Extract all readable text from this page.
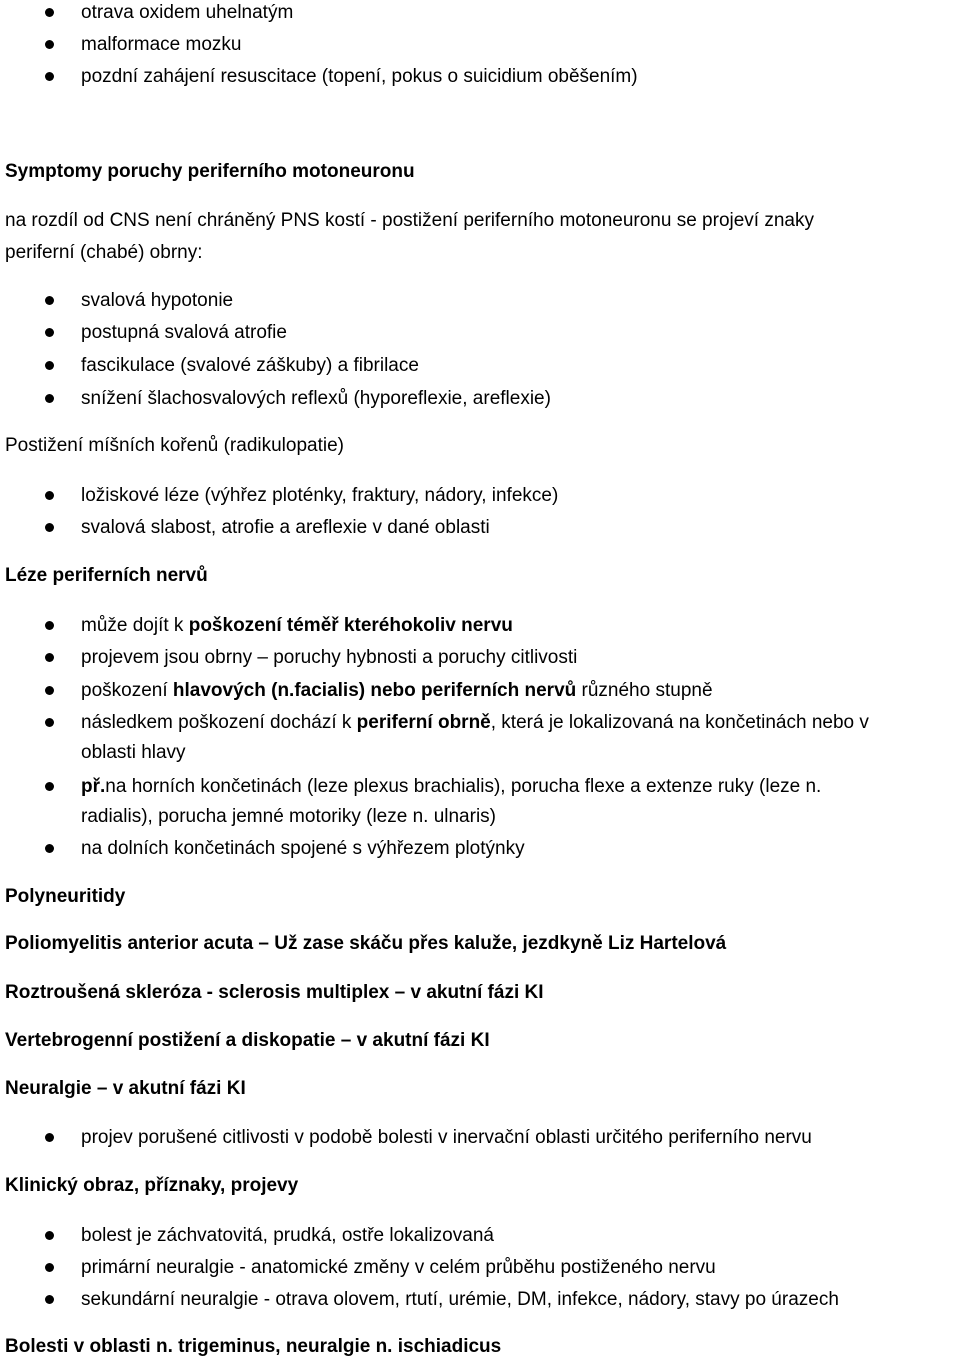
otrava oxidem uhelnatým
malformace mozku
pozdní zahájení resuscitace (topení, pokus o suicidium oběšením)
Symptomy poruchy periferního motoneuronu
na rozdíl od CNS není chráněný PNS kostí - postižení periferního motoneuronu se projeví znaky
periferní (chabé) obrny:
svalová hypotonie
postupná svalová atrofie
fascikulace (svalové záškuby) a fibrilace
snížení šlachosvalových reflexů (hyporeflexie, areflexie)
Postižení míšních kořenů (radikulopatie)
ložiskové léze (výhřez ploténky, fraktury, nádory, infekce)
svalová slabost, atrofie a areflexie v dané oblasti
Léze periferních nervů
může dojít k poškození téměř kteréhokoliv nervu
projevem jsou obrny – poruchy hybnosti a poruchy citlivosti
poškození hlavových (n.facialis) nebo periferních nervů různého stupně
následkem poškození dochází k periferní obrně, která je lokalizovaná na končetinách nebo v
oblasti hlavy
př.na horních končetinách (leze plexus brachialis), porucha flexe a extenze ruky (leze n.
radialis), porucha jemné motoriky (leze n. ulnaris)
na dolních končetinách spojené s výhřezem plotýnky
Polyneuritidy
Poliomyelitis anterior acuta – Už zase skáču přes kaluže, jezdkyně Liz Hartelová
Roztroušená skleróza - sclerosis multiplex – v akutní fázi KI
Vertebrogenní postižení a diskopatie – v akutní fázi KI
Neuralgie – v akutní fázi KI
projev porušené citlivosti v podobě bolesti v inervační oblasti určitého periferního nervu
Klinický obraz, příznaky, projevy
bolest je záchvatovitá, prudká, ostře lokalizovaná
primární neuralgie - anatomické změny v celém průběhu postiženého nervu
sekundární neuralgie - otrava olovem, rtutí, urémie, DM, infekce, nádory, stavy po úrazech
Bolesti v oblasti n. trigeminus, neuralgie n. ischiadicus
